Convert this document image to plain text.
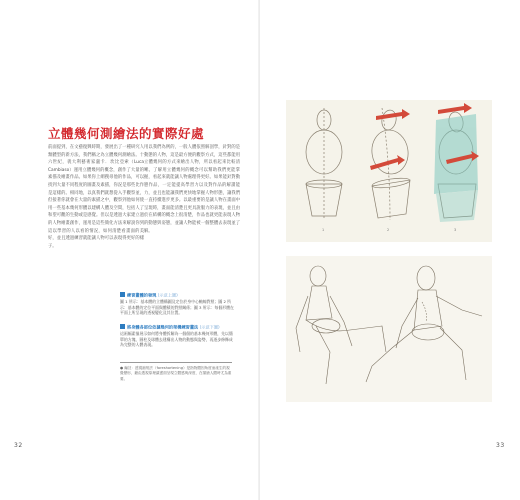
立體幾何測繪法的實際好處
前面提到，在文藝復興時期，發展出了一種研究人類體型的新方法，我們稱之為立體幾何測繪法。十六世紀，義大利藝術家盧卡．坎比亞索（Luca Cambiaso）運用立體幾何的概念，創作了大量的素描及繪畫作品。如果你上網搜尋他的作品，可以找到大量不同程度的圖畫及素描，你況是那些比作是這樣的。相同地，以真我們就想從入手觀察並，但接著你就會在大量的素描之中，觀察到他如何使用一些基本幾何形體以建構人體及空間，包括人了和望可觀的生動或是感覺。但以是透過大家建立過的人物繪畫創作，運用是這些簡化方法來解說你到這以學習的人以看的情況，如何清楚看畫面的美好，並且透過練習就能讓人物可以表現得更好的樣子。
用以我們為例的，一般人體依照解剖學，針對的是動態的人物，這是最方便的觀察方式，這些都能用立體幾何的方式來繪出人物，所以看起來比較清晰。了解用立體幾何的概念可以幫助我們更能掌握，看起來就能讓人物處理得更好。如果能針對動態作品，一定能提高學習力以及對作品的解讀能力，並且也能讓我們更快地掌握人物形態，讓我們一直持續進步更多。以最重要的是讓人物在畫面中呈現時，畫面能清楚且更具說服力的表現，並且由於在結構的概念上很清楚，作品也就更能表現人物的動態與姿態，並讓人物能被一個整體去表現並了解。
練習畫體的發現 (示意上圖)
圖 1 所示：基本體的立體構圖及定位於身中心軸線對照；圖 2 所示：基本體的定位平面與體積的對照關係；圖 3 所示：每個形體在平面上所呈現的透視變化及其位置。
將身體各部位依據幾何的架構練習畫法 (示意下圖)
這兩幅素描展示如何將身體拆解為一個個的基本幾何形體，先以簡單的方塊、圓柱及球體去建構出人物的動態與姿勢，再逐步修飾成為完整的人體表現。
● 編註：透視縮短法（foreshortening）是指物體因角度而產生的視覺變形，藉由透視原理讓畫面呈現立體感與深度，在描繪人體時尤為重要。
32
1	2	3
33
